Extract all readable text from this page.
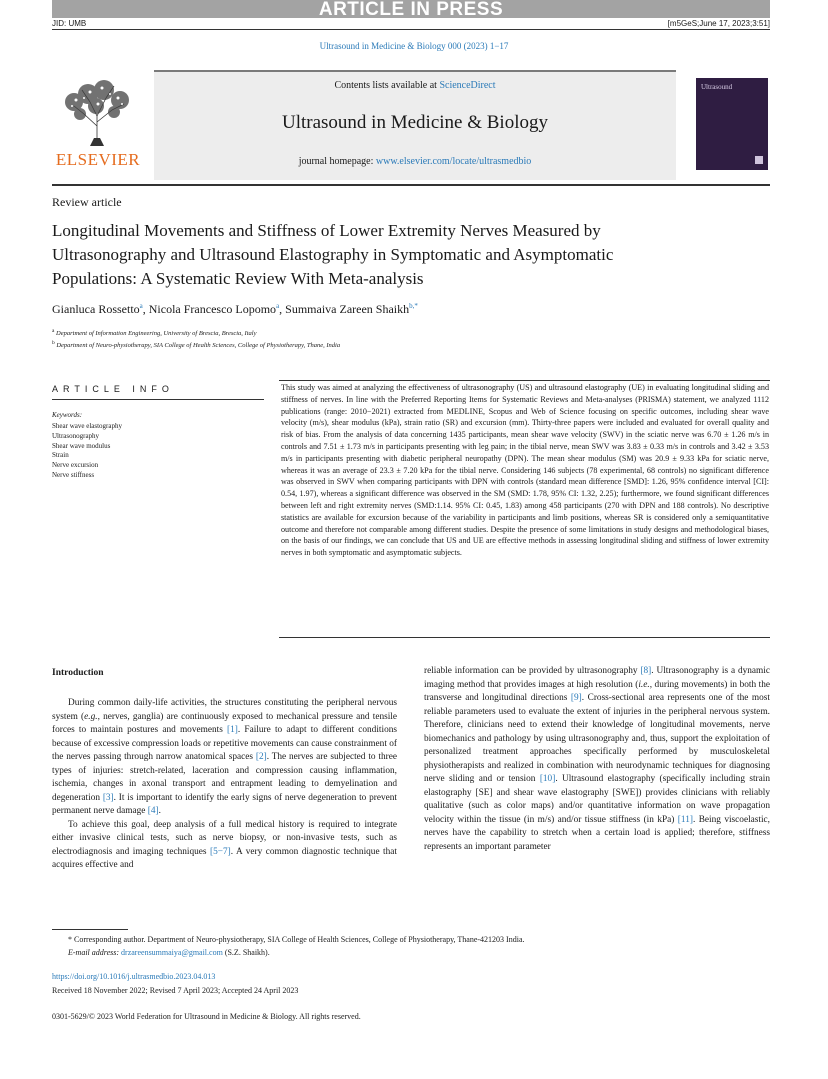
ARTICLE IN PRESS
JID: UMB	[m5GeS;June 17, 2023;3:51]
Ultrasound in Medicine & Biology 000 (2023) 1−17
ELSEVIER
Contents lists available at ScienceDirect
Ultrasound in Medicine & Biology
journal homepage: www.elsevier.com/locate/ultrasmedbio
Ultrasound
Review article
Longitudinal Movements and Stiffness of Lower Extremity Nerves Measured by Ultrasonography and Ultrasound Elastography in Symptomatic and Asymptomatic Populations: A Systematic Review With Meta-analysis
Gianluca Rossetto$^a$, Nicola Francesco Lopomo$^a$, Summaiva Zareen Shaikh$^{b,*}$
$^a$ Department of Information Engineering, University of Brescia, Brescia, Italy
$^b$ Department of Neuro-physiotherapy, SIA College of Health Sciences, College of Physiotherapy, Thane, India
ARTICLE INFO
Keywords:
Shear wave elastography
Ultrasonography
Shear wave modulus
Strain
Nerve excursion
Nerve stiffness
This study was aimed at analyzing the effectiveness of ultrasonography (US) and ultrasound elastography (UE) in evaluating longitudinal sliding and stiffness of nerves. In line with the Preferred Reporting Items for Systematic Reviews and Meta-analyses (PRISMA) statement, we analyzed 1112 publications (range: 2010−2021) extracted from MEDLINE, Scopus and Web of Science focusing on specific outcomes, including shear wave velocity (m/s), shear modulus (kPa), strain ratio (SR) and excursion (mm). Thirty-three papers were included and evaluated for overall quality and risk of bias. From the analysis of data concerning 1435 participants, mean shear wave velocity (SWV) in the sciatic nerve was 6.70 ± 1.26 m/s in controls and 7.51 ± 1.73 m/s in participants presenting with leg pain; in the tibial nerve, mean SWV was 3.83 ± 0.33 m/s in controls and 3.42 ± 3.53 m/s in participants presenting with diabetic peripheral neuropathy (DPN). The mean shear modulus (SM) was 20.9 ± 9.33 kPa for sciatic nerve, whereas it was an average of 23.3 ± 7.20 kPa for the tibial nerve. Considering 146 subjects (78 experimental, 68 controls) no significant difference was observed in SWV when comparing participants with DPN with controls (standard mean difference [SMD]: 1.26, 95% confidence interval [CI]: 0.54, 1.97), whereas a significant difference was observed in the SM (SMD: 1.78, 95% CI: 1.32, 2.25); furthermore, we found significant differences between left and right extremity nerves (SMD:1.14. 95% CI: 0.45, 1.83) among 458 participants (270 with DPN and 188 controls). No descriptive statistics are available for excursion because of the variability in participants and limb positions, whereas SR is considered only a semiquantitative outcome and therefore not comparable among different studies. Despite the presence of some limitations in study designs and methodological biases, on the basis of our findings, we can conclude that US and UE are effective methods in assessing longitudinal sliding and stiffness of lower extremity nerves in both symptomatic and asymptomatic subjects.
Introduction

During common daily-life activities, the structures constituting the peripheral nervous system (e.g., nerves, ganglia) are continuously exposed to mechanical pressure and tensile forces to maintain postures and movements [1]. Failure to adapt to different conditions because of excessive compression loads or repetitive movements can cause constrainment of the nerves passing through narrow anatomical spaces [2]. The nerves are subjected to three types of injuries: stretch-related, laceration and compression causing inflammation, ischemia, changes in axonal transport and entrapment leading to demyelination and degeneration [3]. It is important to identify the early signs of nerve degeneration to prevent permanent nerve damage [4].

To achieve this goal, deep analysis of a full medical history is required to integrate either invasive clinical tests, such as nerve biopsy, or non-invasive tests, such as electrodiagnosis and imaging techniques [5−7]. A very common diagnostic technique that acquires effective and

reliable information can be provided by ultrasonography [8]. Ultrasonography is a dynamic imaging method that provides images at high resolution (i.e., during movements) in both the transverse and longitudinal directions [9]. Cross-sectional area represents one of the most reliable parameters used to evaluate the extent of injuries in the peripheral nervous system. Therefore, clinicians need to extend their knowledge of longitudinal movements, nerve biomechanics and pathology by using ultrasonography and, thus, support the exploitation of personalized treatment approaches specifically performed by musculoskeletal physiotherapists and realized in combination with neurodynamic techniques for diagnosing nerve sliding and or tension [10]. Ultrasound elastography (specifically including strain elastography [SE] and shear wave elastography [SWE]) provides clinicians with reliably qualitative (such as color maps) and/or quantitative information on wave propagation velocity within the tissue (in m/s) and/or tissue stiffness (in kPa) [11]. Being viscoelastic, nerves have the capability to stretch when a certain load is applied; therefore, stiffness represents an important parameter

* Corresponding author. Department of Neuro-physiotherapy, SIA College of Health Sciences, College of Physiotherapy, Thane-421203 India.
E-mail address: drzareensummaiya@gmail.com (S.Z. Shaikh).
https://doi.org/10.1016/j.ultrasmedbio.2023.04.013
Received 18 November 2022; Revised 7 April 2023; Accepted 24 April 2023
0301-5629/© 2023 World Federation for Ultrasound in Medicine & Biology. All rights reserved.
